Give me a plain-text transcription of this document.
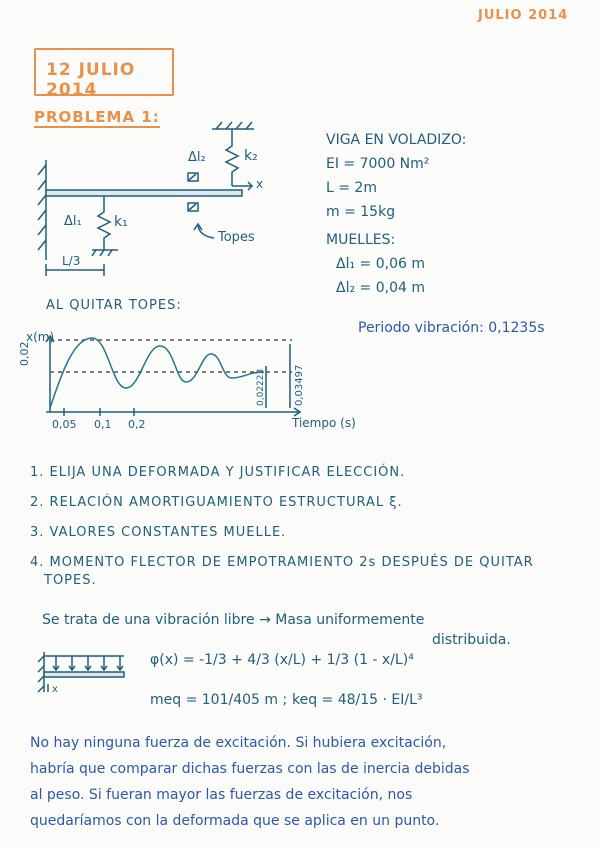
JULIO 2014
12 JULIO 2014
PROBLEMA 1:
Δl₂	k₂
x
Δl₁ k₁
L/3
Topes
VIGA EN VOLADIZO:
EI = 7000 Nm²
L = 2m
m = 15kg
MUELLES:
Δl₁ = 0,06 m
Δl₂ = 0,04 m
AL QUITAR TOPES:
Periodo vibración: 0,1235s
x(m)
0,02
0,05 0,1 0,2	Tiempo (s)
0,02223	0,03497
1. ELIJA UNA DEFORMADA Y JUSTIFICAR ELECCIÓN.
2. RELACIÓN AMORTIGUAMIENTO ESTRUCTURAL ξ.
3. VALORES CONSTANTES MUELLE.
4. MOMENTO FLECTOR DE EMPOTRAMIENTO 2s DESPUÉS DE QUITAR TOPES.
Se trata de una vibración libre → Masa uniformemente
distribuida.
x
φ(x) = -1/3 + 4/3 (x/L) + 1/3 (1 - x/L)⁴
meq = 101/405 m ; keq = 48/15 · EI/L³
No hay ninguna fuerza de excitación. Si hubiera excitación,
habría que comparar dichas fuerzas con las de inercia debidas
al peso. Si fueran mayor las fuerzas de excitación, nos
quedaríamos con la deformada que se aplica en un punto.
